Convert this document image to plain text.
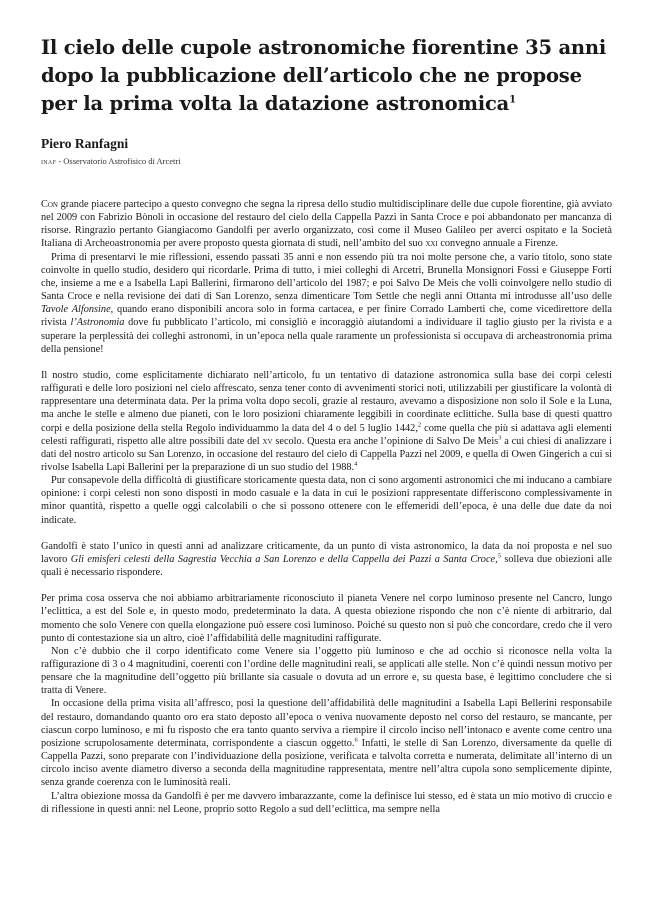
Il cielo delle cupole astronomiche fiorentine 35 anni dopo la pubblicazione dell’articolo che ne propose per la prima volta la datazione astronomica$^1$
Piero Ranfagni
inaf - Osservatorio Astrofisico di Arcetri

Con grande piacere partecipo a questo convegno che segna la ripresa dello studio multidisciplinare delle due cupole fiorentine, già avviato nel 2009 con Fabrizio Bònoli in occasione del restauro del cielo della Cappella Pazzi in Santa Croce e poi abbandonato per mancanza di risorse. Ringrazio pertanto Giangiacomo Gandolfi per averlo organizzato, così come il Museo Galileo per averci ospitato e la Società Italiana di Archeoastronomia per avere proposto questa giornata di studi, nell’ambito del suo xxi convegno annuale a Firenze.

Prima di presentarvi le mie riflessioni, essendo passati 35 anni e non essendo più tra noi molte persone che, a vario titolo, sono state coinvolte in quello studio, desidero qui ricordarle. Prima di tutto, i miei colleghi di Arcetri, Brunella Monsignori Fossi e Giuseppe Forti che, insieme a me e a Isabella Lapi Ballerini, firmarono dell’articolo del 1987; e poi Salvo De Meis che volli coinvolgere nello studio di Santa Croce e nella revisione dei dati di San Lorenzo, senza dimenticare Tom Settle che negli anni Ottanta mi introdusse all’uso delle Tavole Alfonsine, quando erano disponibili ancora solo in forma cartacea, e per finire Corrado Lamberti che, come vicedirettore della rivista l’Astronomia dove fu pubblicato l’articolo, mi consigliò e incoraggiò aiutandomi a individuare il taglio giusto per la rivista e a superare la perplessità dei colleghi astronomi, in un’epoca nella quale raramente un professionista si occupava di archeastronomia prima della pensione!

Il nostro studio, come esplicitamente dichiarato nell’articolo, fu un tentativo di datazione astronomica sulla base dei corpi celesti raffigurati e delle loro posizioni nel cielo affrescato, senza tener conto di avvenimenti storici noti, utilizzabili per giustificare la volontà di rappresentare una determinata data. Per la prima volta dopo secoli, grazie al restauro, avevamo a disposizione non solo il Sole e la Luna, ma anche le stelle e almeno due pianeti, con le loro posizioni chiaramente leggibili in coordinate eclittiche. Sulla base di questi quattro corpi e della posizione della stella Regolo individuammo la data del 4 o del 5 luglio 1442,$^2$ come quella che più si adattava agli elementi celesti raffigurati, rispetto alle altre possibili date del xv secolo. Questa era anche l’opinione di Salvo De Meis$^3$ a cui chiesi di analizzare i dati del nostro articolo su San Lorenzo, in occasione del restauro del cielo di Cappella Pazzi nel 2009, e quella di Owen Gingerich a cui si rivolse Isabella Lapi Ballerini per la preparazione di un suo studio del 1988.$^4$

Pur consapevole della difficoltà di giustificare storicamente questa data, non ci sono argomenti astronomici che mi inducano a cambiare opinione: i corpi celesti non sono disposti in modo casuale e la data in cui le posizioni rappresentate differiscono complessivamente in minor quantità, rispetto a quelle oggi calcolabili o che si possono ottenere con le effemeridi dell’epoca, è una delle due date da noi indicate.

Gandolfi è stato l’unico in questi anni ad analizzare criticamente, da un punto di vista astronomico, la data da noi proposta e nel suo lavoro Gli emisferi celesti della Sagrestia Vecchia a San Lorenzo e della Cappella dei Pazzi a Santa Croce,$^5$ solleva due obiezioni alle quali è necessario rispondere.

Per prima cosa osserva che noi abbiamo arbitrariamente riconosciuto il pianeta Venere nel corpo luminoso presente nel Cancro, lungo l’eclittica, a est del Sole e, in questo modo, predeterminato la data. A questa obiezione rispondo che non c’è niente di arbitrario, dal momento che solo Venere con quella elongazione può essere così luminoso. Poiché su questo non si può che concordare, credo che il vero punto di contestazione sia un altro, cioè l’affidabilità delle magnitudini raffigurate.

Non c’è dubbio che il corpo identificato come Venere sia l’oggetto più luminoso e che ad occhio si riconosce nella volta la raffigurazione di 3 o 4 magnitudini, coerenti con l’ordine delle magnitudini reali, se applicati alle stelle. Non c’è quindi nessun motivo per pensare che la magnitudine dell’oggetto più brillante sia casuale o dovuta ad un errore e, su questa base, è legittimo concludere che si tratta di Venere.

In occasione della prima visita all’affresco, posi la questione dell’affidabilità delle magnitudini a Isabella Lapi Bellerini responsabile del restauro, domandando quanto oro era stato deposto all’epoca o veniva nuovamente deposto nel corso del restauro, se mancante, per ciascun corpo luminoso, e mi fu risposto che era tanto quanto serviva a riempire il circolo inciso nell’intonaco e avente come centro una posizione scrupolosamente determinata, corrispondente a ciascun oggetto.$^6$ Infatti, le stelle di San Lorenzo, diversamente da quelle di Cappella Pazzi, sono preparate con l’individuazione della posizione, verificata e talvolta corretta e numerata, delimitate all’interno di un circolo inciso avente diametro diverso a seconda della magnitudine rappresentata, mentre nell’altra cupola sono semplicemente dipinte, senza grande coerenza con le luminosità reali.

L’altra obiezione mossa da Gandolfi è per me davvero imbarazzante, come la definisce lui stesso, ed è stata un mio motivo di cruccio e di riflessione in questi anni: nel Leone, proprio sotto Regolo a sud dell’eclittica, ma sempre nella
